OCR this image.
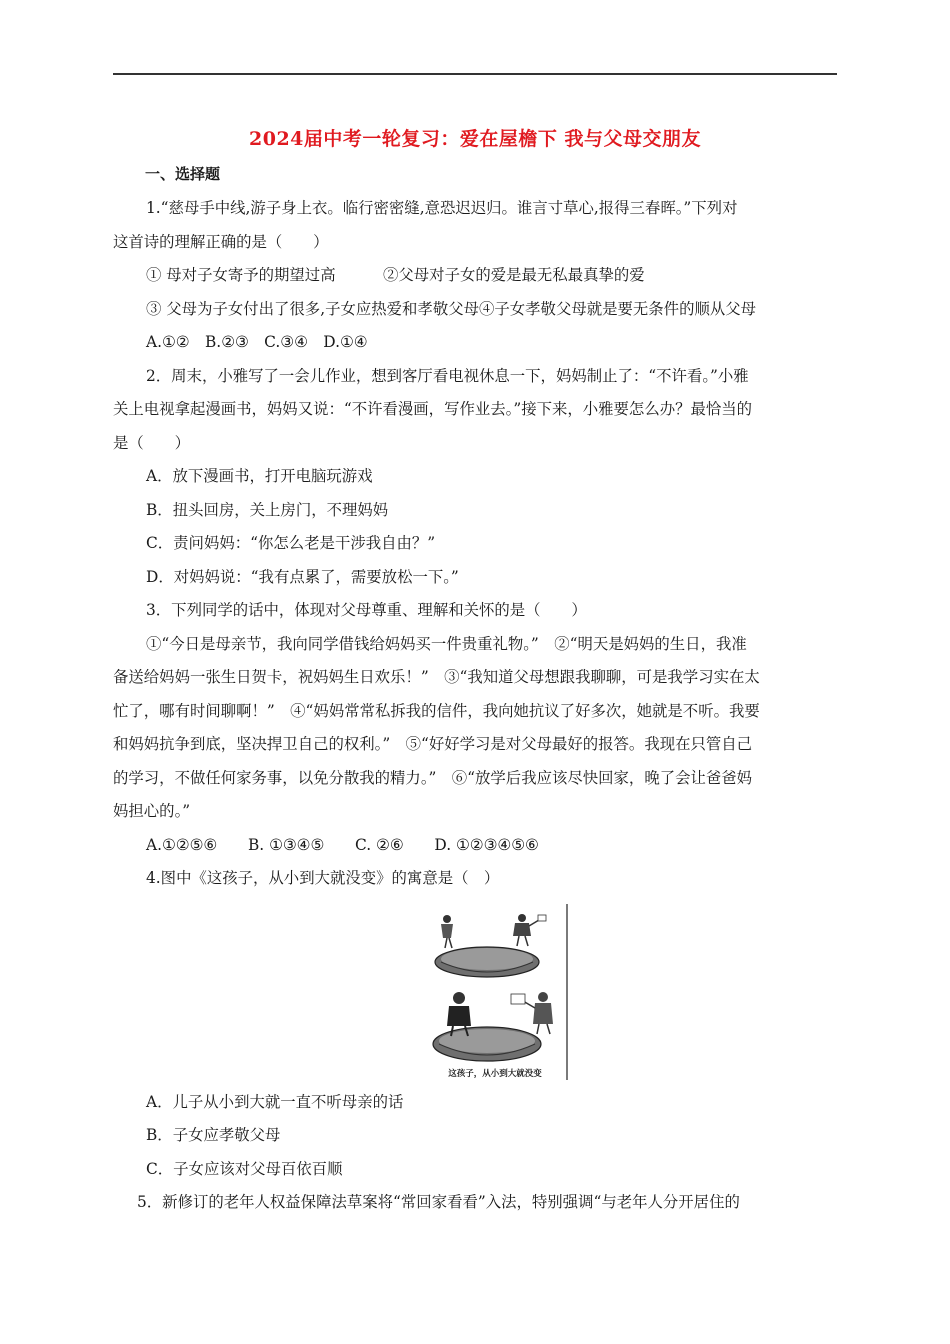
2024届中考一轮复习：爱在屋檐下 我与父母交朋友
一、选择题

1.“慈母手中线,游子身上衣。临行密密缝,意恐迟迟归。谁言寸草心,报得三春晖。”下列对

这首诗的理解正确的是（　　）

① 母对子女寄予的期望过高	②父母对子女的爱是最无私最真挚的爱

③ 父母为子女付出了很多,子女应热爱和孝敬父母④子女孝敬父母就是要无条件的顺从父母

A.①②　B.②③　C.③④　D.①④

2．周末，小雅写了一会儿作业，想到客厅看电视休息一下，妈妈制止了：“不许看。”小雅

关上电视拿起漫画书，妈妈又说：“不许看漫画，写作业去。”接下来，小雅要怎么办？最恰当的

是（　　）

A．放下漫画书，打开电脑玩游戏

B．扭头回房，关上房门，不理妈妈

C．责问妈妈：“你怎么老是干涉我自由？”

D．对妈妈说：“我有点累了，需要放松一下。”

3．下列同学的话中，体现对父母尊重、理解和关怀的是（　　）

①“今日是母亲节，我向同学借钱给妈妈买一件贵重礼物。”　②“明天是妈妈的生日，我准

备送给妈妈一张生日贺卡，祝妈妈生日欢乐！”　③“我知道父母想跟我聊聊，可是我学习实在太

忙了，哪有时间聊啊！”　④“妈妈常常私拆我的信件，我向她抗议了好多次，她就是不听。我要

和妈妈抗争到底，坚决捍卫自己的权利。”　⑤“好好学习是对父母最好的报答。我现在只管自己

的学习，不做任何家务事，以免分散我的精力。”　⑥“放学后我应该尽快回家，晚了会让爸爸妈

妈担心的。”

A.①②⑤⑥　　B. ①③④⑤　　C. ②⑥　　D. ①②③④⑤⑥

4.图中《这孩子，从小到大就没变》的寓意是（　）

这孩子，从小到大就没变

A．儿子从小到大就一直不听母亲的话

B．子女应孝敬父母

C．子女应该对父母百依百顺

5．新修订的老年人权益保障法草案将“常回家看看”入法，特别强调“与老年人分开居住的
